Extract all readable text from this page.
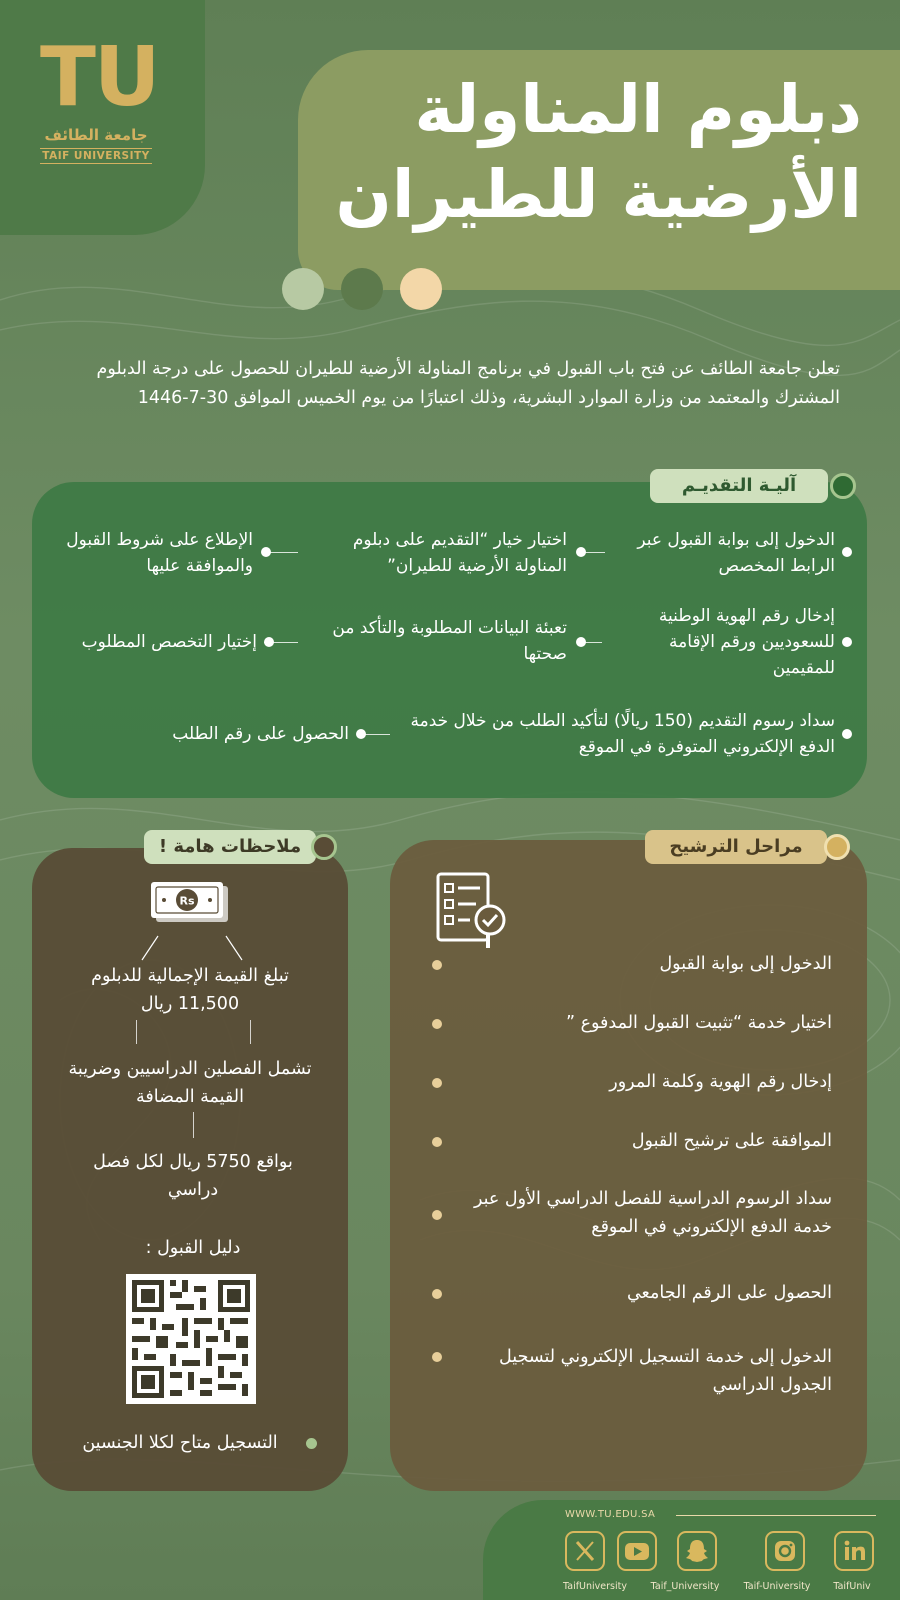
TU
جامعة الطائف
TAIF UNIVERSITY
دبلوم المناولة
الأرضية للطيران
تعلن جامعة الطائف عن فتح باب القبول في برنامج المناولة الأرضية للطيران للحصول على درجة الدبلوم المشترك والمعتمد من وزارة الموارد البشرية، وذلك اعتبارًا من يوم الخميس الموافق 30-7-1446
آليـة التقديـم
الدخول إلى بوابة القبول عبر الرابط المخصص
اختيار خيار “التقديم على دبلوم المناولة الأرضية للطيران”
الإطلاع على شروط القبول والموافقة عليها
إدخال رقم الهوية الوطنية للسعوديين ورقم الإقامة للمقيمين
تعبئة البيانات المطلوبة والتأكد من صحتها
إختيار التخصص المطلوب
سداد رسوم التقديم (150 ريالًا) لتأكيد الطلب من خلال خدمة الدفع الإلكتروني المتوفرة في الموقع
الحصول على رقم الطلب
ملاحظات هامة !
Rs
تبلغ القيمة الإجمالية للدبلوم 11,500 ريال
تشمل الفصلين الدراسيين وضريبة القيمة المضافة
بواقع 5750 ريال لكل فصل دراسي
دليل القبول :
التسجيل متاح لكلا الجنسين
مراحل الترشيح
الدخول إلى بوابة القبول
اختيار خدمة “تثبيت القبول المدفوع ”
إدخال رقم الهوية وكلمة المرور
الموافقة على ترشيح القبول
سداد الرسوم الدراسية للفصل الدراسي الأول عبر خدمة الدفع الإلكتروني في الموقع
الحصول على الرقم الجامعي
الدخول إلى خدمة التسجيل الإلكتروني لتسجيل الجدول الدراسي
WWW.TU.EDU.SA
TaifUniversity	Taif_University	Taif-University	TaifUniv
